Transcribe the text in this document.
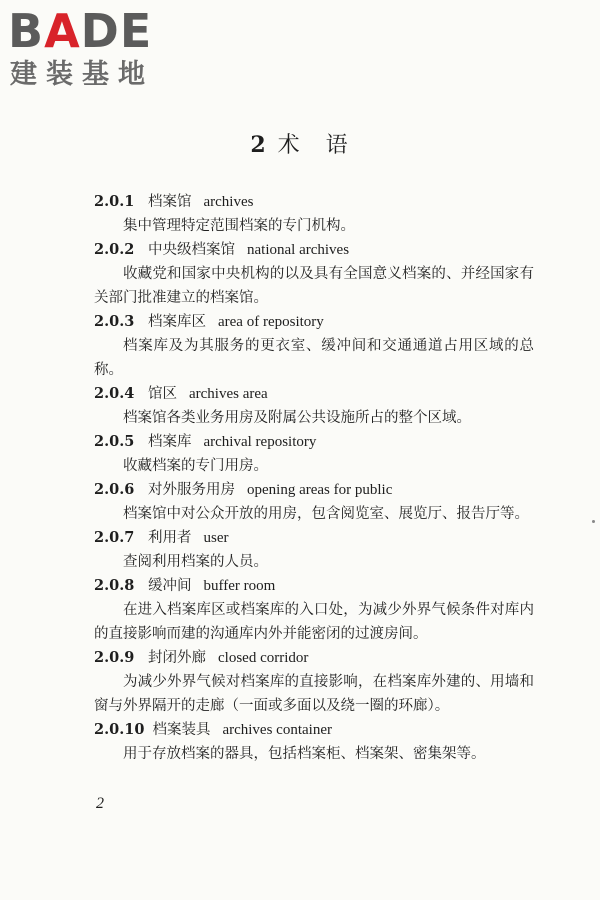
BADE
建装基地
2 术 语
2.0.1 档案馆 archives

集中管理特定范围档案的专门机构。

2.0.2 中央级档案馆 national archives

收藏党和国家中央机构的以及具有全国意义档案的、并经国家有关部门批准建立的档案馆。

2.0.3 档案库区 area of repository

档案库及为其服务的更衣室、缓冲间和交通通道占用区域的总称。

2.0.4 馆区 archives area

档案馆各类业务用房及附属公共设施所占的整个区域。

2.0.5 档案库 archival repository

收藏档案的专门用房。

2.0.6 对外服务用房 opening areas for public

档案馆中对公众开放的用房，包含阅览室、展览厅、报告厅等。

2.0.7 利用者 user

查阅利用档案的人员。

2.0.8 缓冲间 buffer room

在进入档案库区或档案库的入口处，为减少外界气候条件对库内的直接影响而建的沟通库内外并能密闭的过渡房间。

2.0.9 封闭外廊 closed corridor

为减少外界气候对档案库的直接影响，在档案库外建的、用墙和窗与外界隔开的走廊（一面或多面以及绕一圈的环廊）。

2.0.10 档案装具 archives container

用于存放档案的器具，包括档案柜、档案架、密集架等。

2
